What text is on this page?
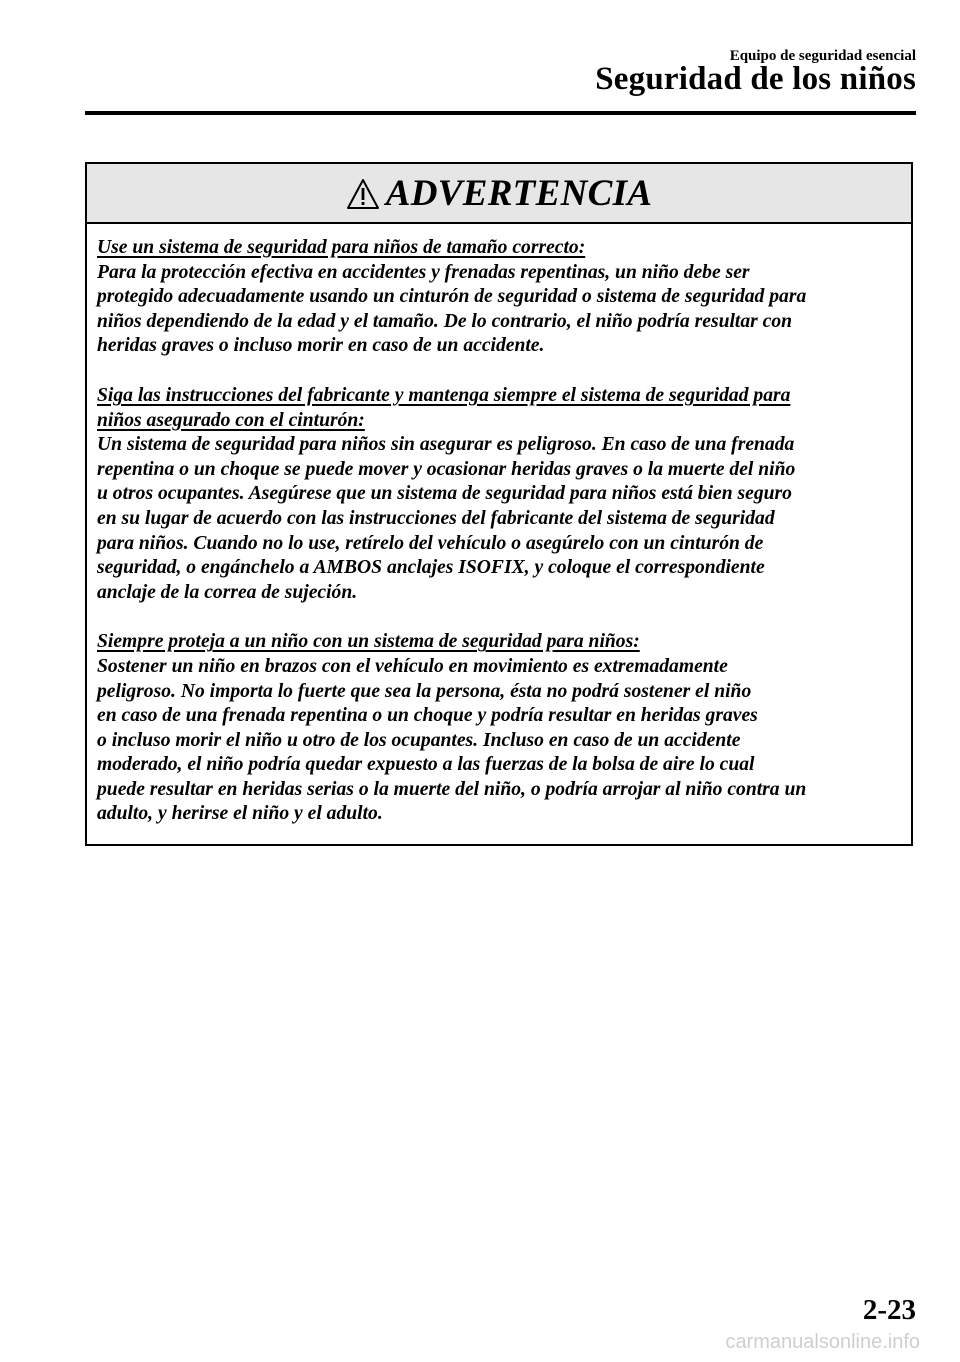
Equipo de seguridad esencial
Seguridad de los niños
ADVERTENCIA
Use un sistema de seguridad para niños de tamaño correcto:
Para la protección efectiva en accidentes y frenadas repentinas, un niño debe ser
protegido adecuadamente usando un cinturón de seguridad o sistema de seguridad para
niños dependiendo de la edad y el tamaño. De lo contrario, el niño podría resultar con
heridas graves o incluso morir en caso de un accidente.
Siga las instrucciones del fabricante y mantenga siempre el sistema de seguridad para
niños asegurado con el cinturón:
Un sistema de seguridad para niños sin asegurar es peligroso. En caso de una frenada
repentina o un choque se puede mover y ocasionar heridas graves o la muerte del niño
u otros ocupantes. Asegúrese que un sistema de seguridad para niños está bien seguro
en su lugar de acuerdo con las instrucciones del fabricante del sistema de seguridad
para niños. Cuando no lo use, retírelo del vehículo o asegúrelo con un cinturón de
seguridad, o engánchelo a AMBOS anclajes ISOFIX, y coloque el correspondiente
anclaje de la correa de sujeción.
Siempre proteja a un niño con un sistema de seguridad para niños:
Sostener un niño en brazos con el vehículo en movimiento es extremadamente
peligroso. No importa lo fuerte que sea la persona, ésta no podrá sostener el niño
en caso de una frenada repentina o un choque y podría resultar en heridas graves
o incluso morir el niño u otro de los ocupantes. Incluso en caso de un accidente
moderado, el niño podría quedar expuesto a las fuerzas de la bolsa de aire lo cual
puede resultar en heridas serias o la muerte del niño, o podría arrojar al niño contra un
adulto, y herirse el niño y el adulto.
2-23
carmanualsonline.info
